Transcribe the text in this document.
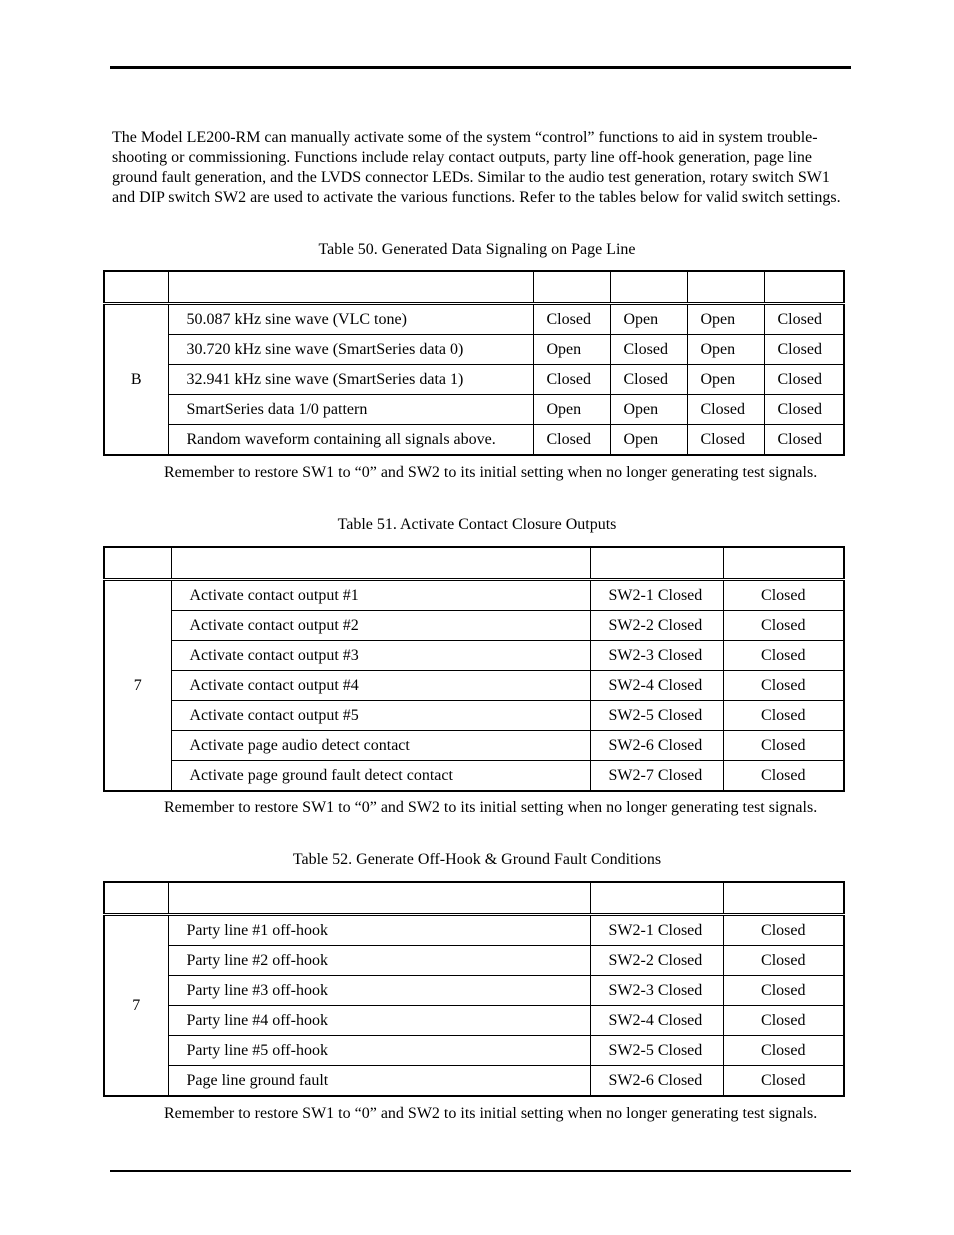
The Model LE200-RM can manually activate some of the system “control” functions to aid in system trouble-shooting or commissioning. Functions include relay contact outputs, party line off-hook generation, page line ground fault generation, and the LVDS connector LEDs. Similar to the audio test generation, rotary switch SW1 and DIP switch SW2 are used to activate the various functions. Refer to the tables below for valid switch settings.

Table 50. Generated Data Signaling on Page Line

B	50.087 kHz sine wave (VLC tone)	Closed	Open	Open	Closed
	30.720 kHz sine wave (SmartSeries data 0)	Open	Closed	Open	Closed
	32.941 kHz sine wave (SmartSeries data 1)	Closed	Closed	Open	Closed
	SmartSeries data 1/0 pattern	Open	Open	Closed	Closed
	Random waveform containing all signals above.	Closed	Open	Closed	Closed

Remember to restore SW1 to “0” and SW2 to its initial setting when no longer generating test signals.

Table 51. Activate Contact Closure Outputs

7	Activate contact output #1	SW2-1 Closed	Closed
	Activate contact output #2	SW2-2 Closed	Closed
	Activate contact output #3	SW2-3 Closed	Closed
	Activate contact output #4	SW2-4 Closed	Closed
	Activate contact output #5	SW2-5 Closed	Closed
	Activate page audio detect contact	SW2-6 Closed	Closed
	Activate page ground fault detect contact	SW2-7 Closed	Closed

Remember to restore SW1 to “0” and SW2 to its initial setting when no longer generating test signals.

Table 52. Generate Off-Hook & Ground Fault Conditions

7	Party line #1 off-hook	SW2-1 Closed	Closed
	Party line #2 off-hook	SW2-2 Closed	Closed
	Party line #3 off-hook	SW2-3 Closed	Closed
	Party line #4 off-hook	SW2-4 Closed	Closed
	Party line #5 off-hook	SW2-5 Closed	Closed
	Page line ground fault	SW2-6 Closed	Closed

Remember to restore SW1 to “0” and SW2 to its initial setting when no longer generating test signals.
